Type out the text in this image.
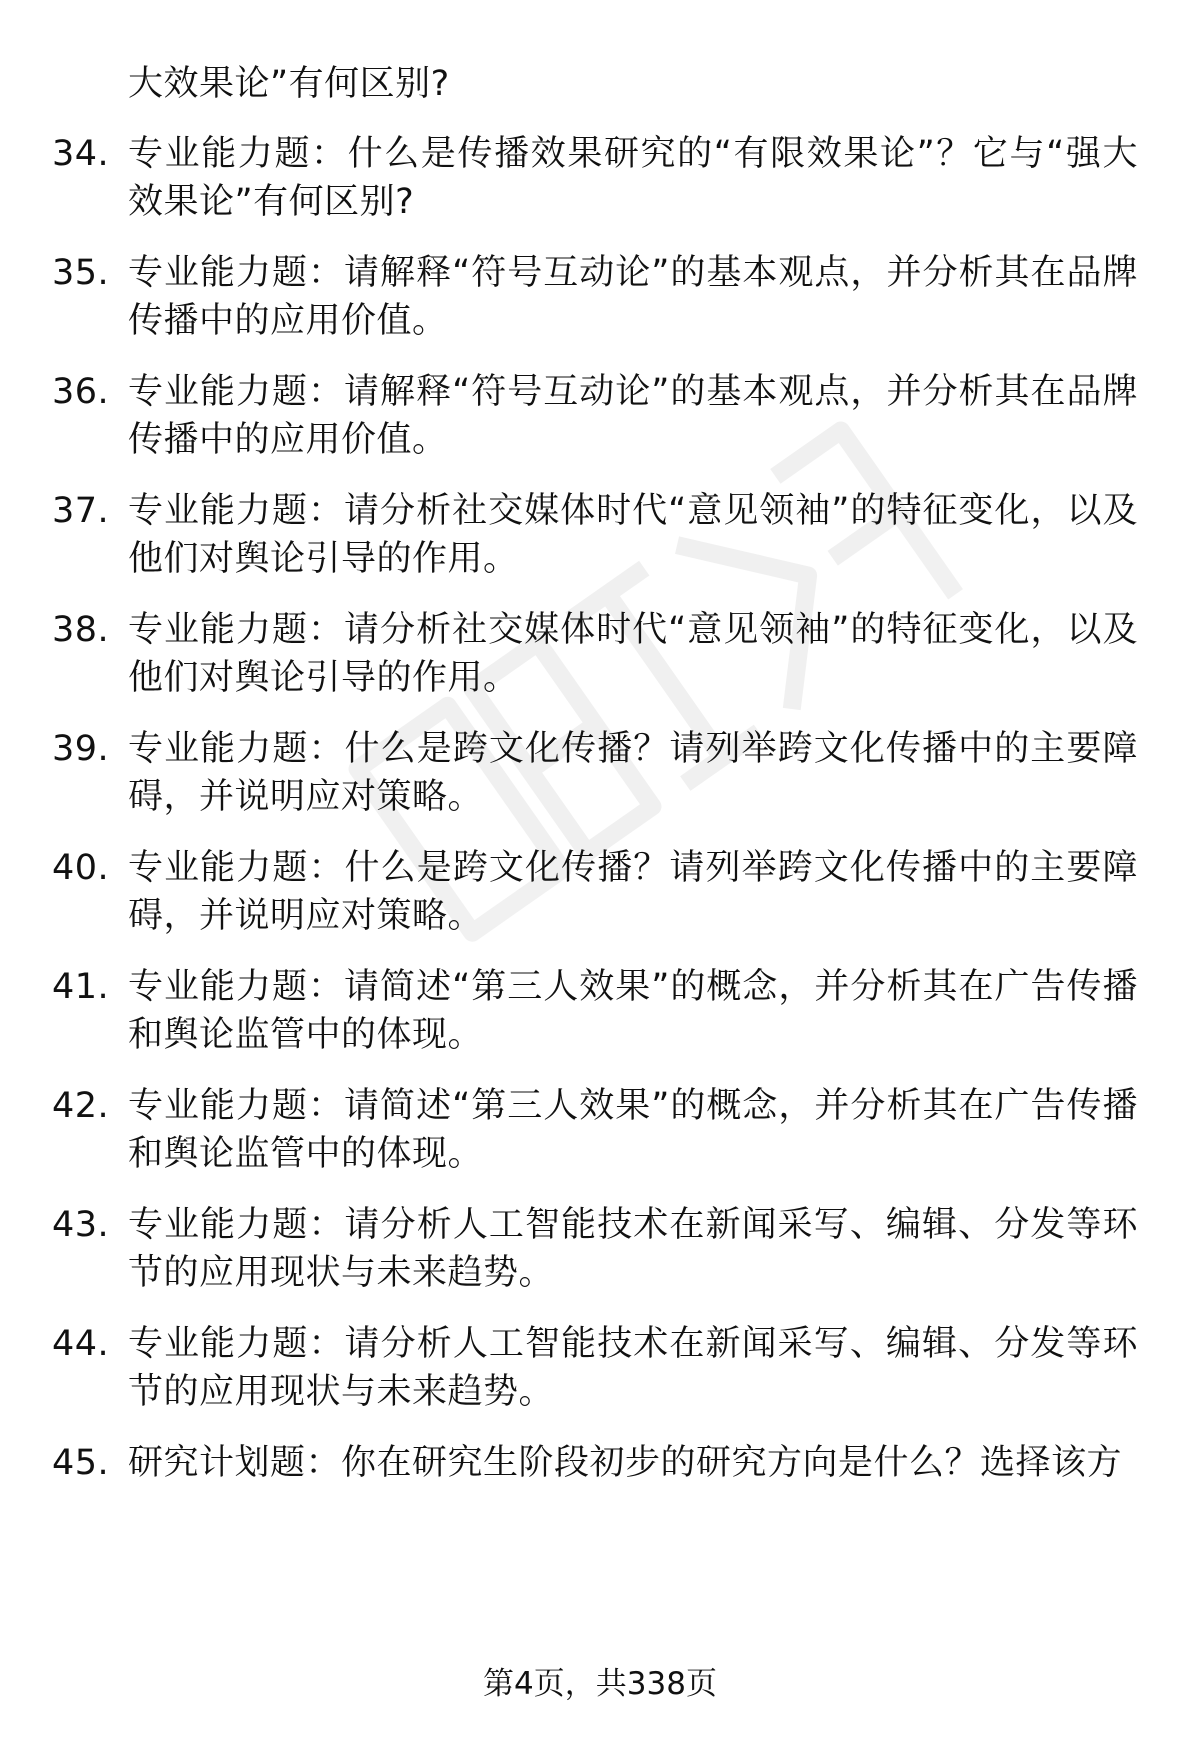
大效果论”有何区别?
34. 专业能力题：什么是传播效果研究的“有限效果论”？它与“强大效果论”有何区别?
35. 专业能力题：请解释“符号互动论”的基本观点，并分析其在品牌传播中的应用价值。
36. 专业能力题：请解释“符号互动论”的基本观点，并分析其在品牌传播中的应用价值。
37. 专业能力题：请分析社交媒体时代“意见领袖”的特征变化，以及他们对舆论引导的作用。
38. 专业能力题：请分析社交媒体时代“意见领袖”的特征变化，以及他们对舆论引导的作用。
39. 专业能力题：什么是跨文化传播？请列举跨文化传播中的主要障碍，并说明应对策略。
40. 专业能力题：什么是跨文化传播？请列举跨文化传播中的主要障碍，并说明应对策略。
41. 专业能力题：请简述“第三人效果”的概念，并分析其在广告传播和舆论监管中的体现。
42. 专业能力题：请简述“第三人效果”的概念，并分析其在广告传播和舆论监管中的体现。
43. 专业能力题：请分析人工智能技术在新闻采写、编辑、分发等环节的应用现状与未来趋势。
44. 专业能力题：请分析人工智能技术在新闻采写、编辑、分发等环节的应用现状与未来趋势。
45. 研究计划题：你在研究生阶段初步的研究方向是什么？选择该方
第4页，共338页
